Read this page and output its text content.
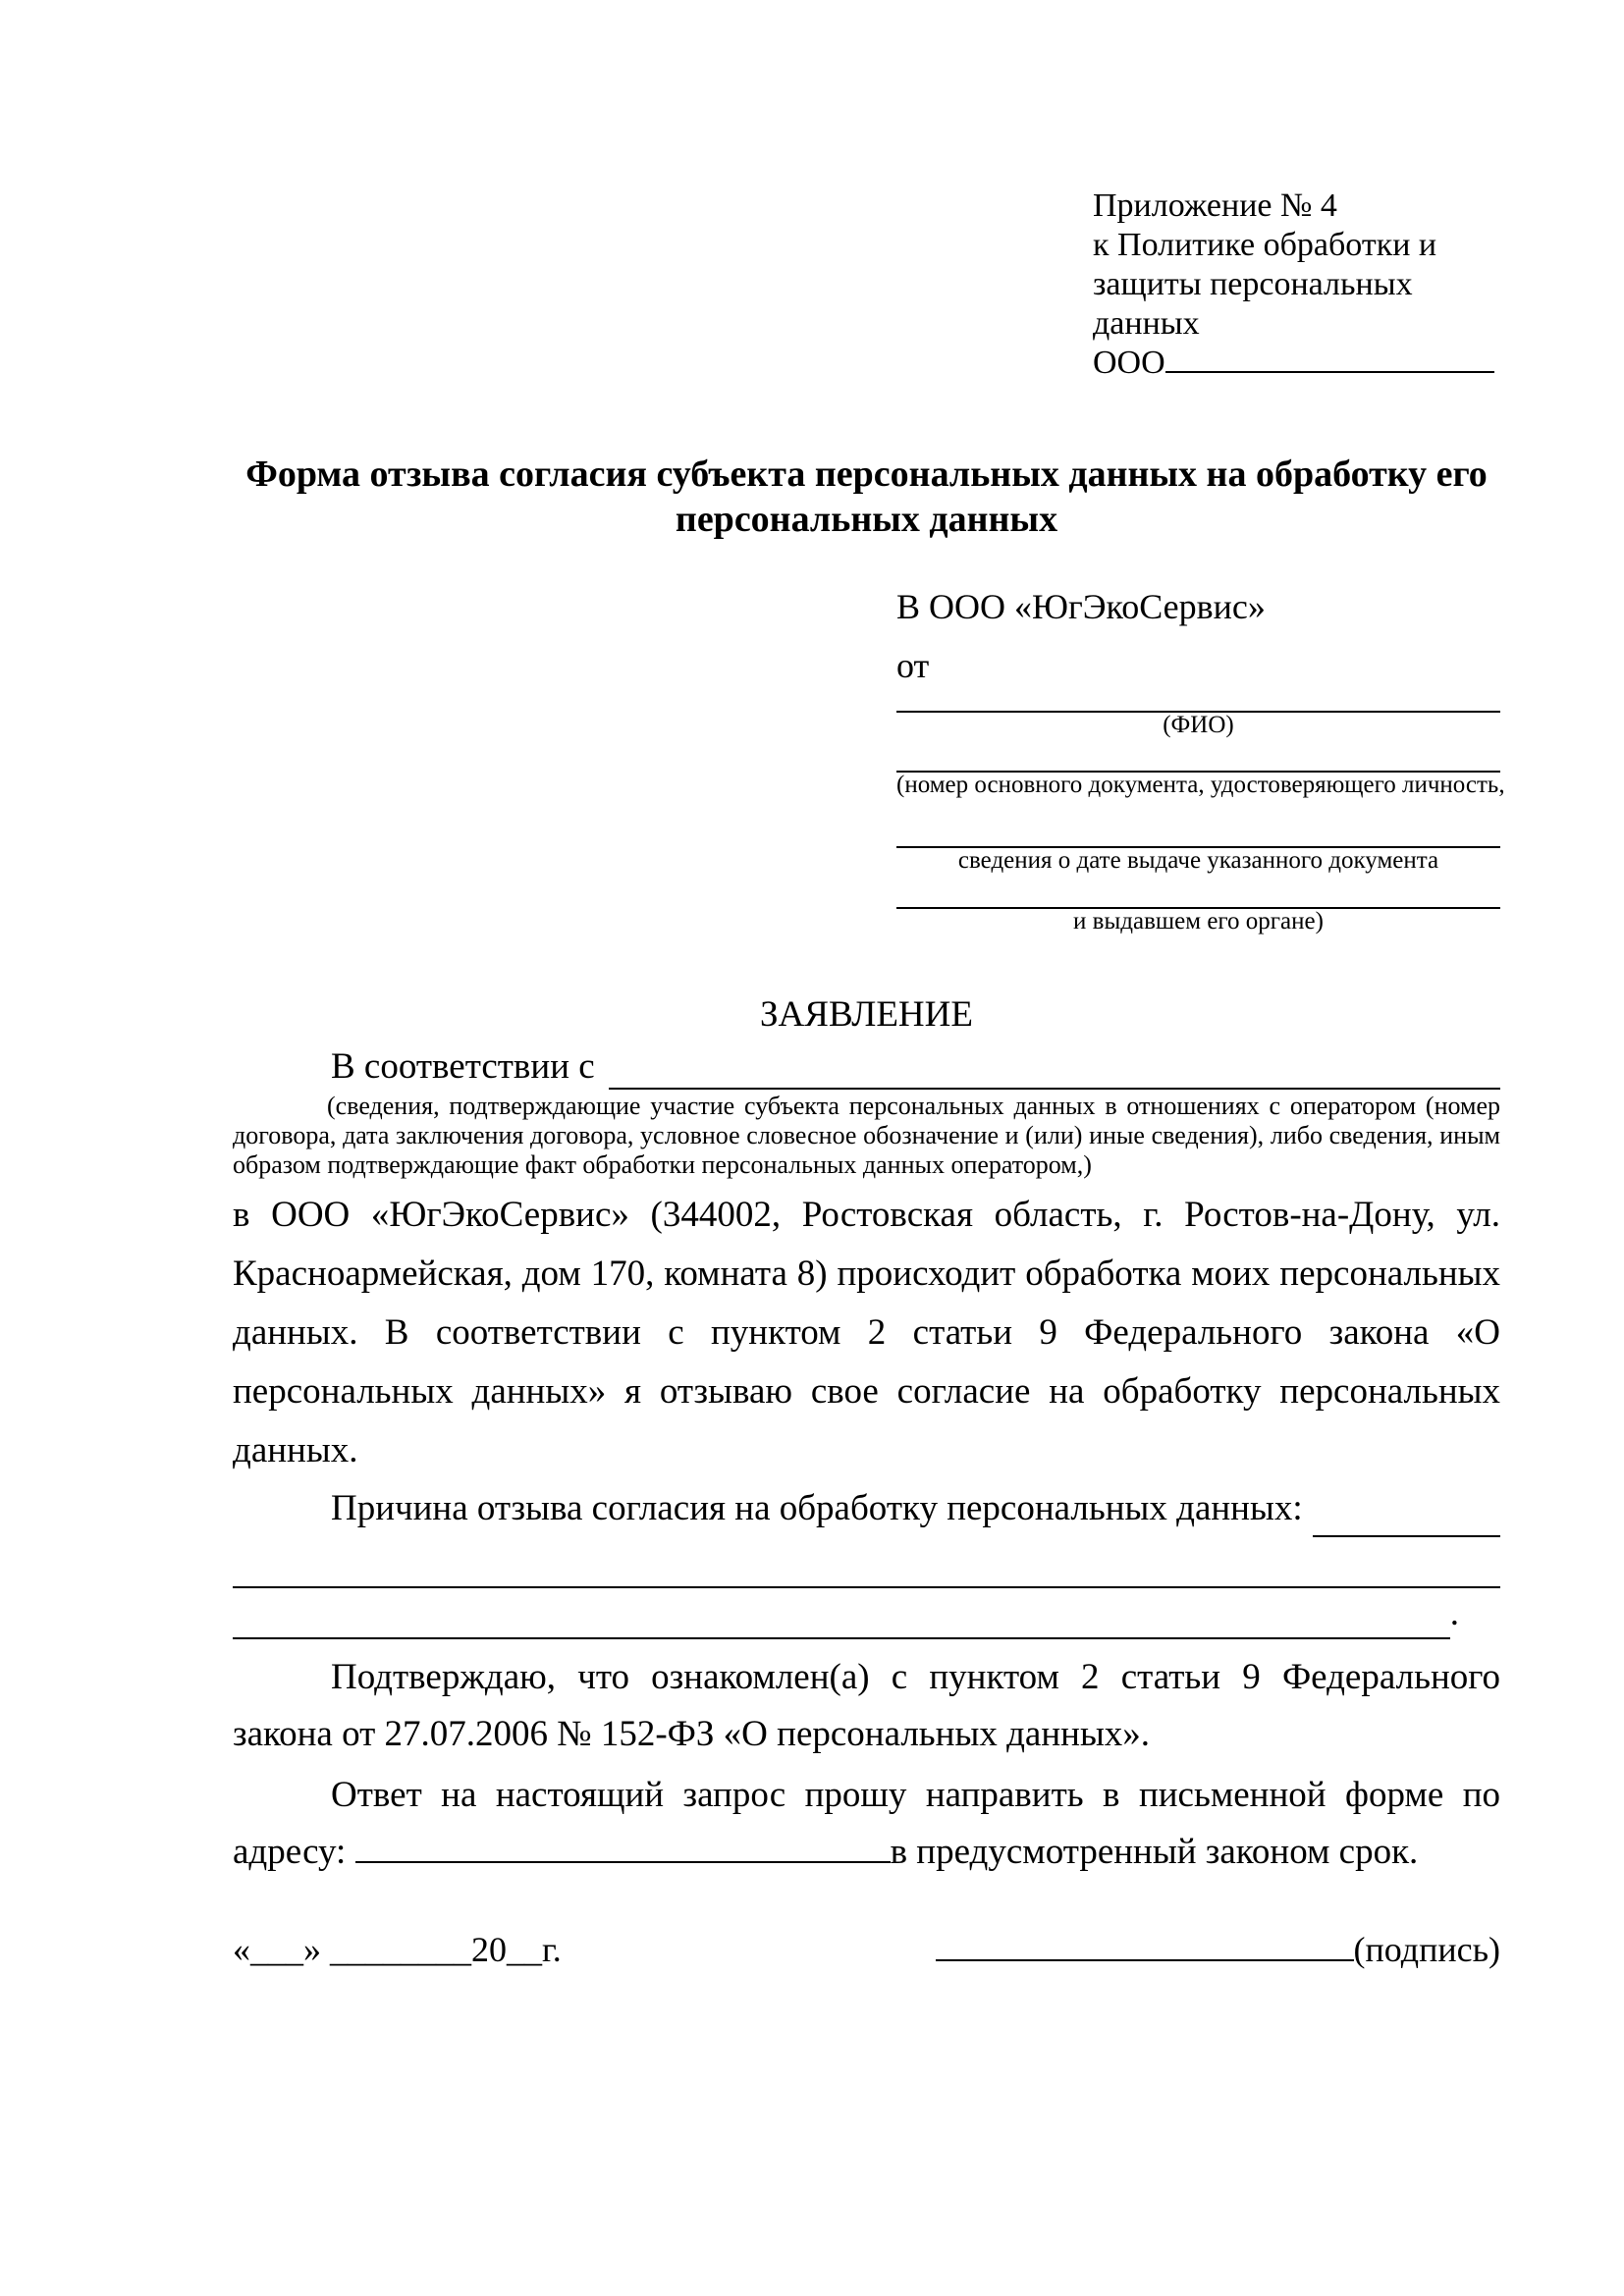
Приложение № 4
к Политике обработки и
защиты персональных данных
ООО
Форма отзыва согласия субъекта персональных данных на обработку его персональных данных
В ООО «ЮгЭкоСервис»
от
(ФИО)
(номер основного документа, удостоверяющего личность,
сведения о дате выдаче указанного документа
и выдавшем его органе)
ЗАЯВЛЕНИЕ
В соответствии с

(сведения, подтверждающие участие субъекта персональных данных в отношениях с оператором (номер договора, дата заключения договора, условное словесное обозначение и (или) иные сведения), либо сведения, иным образом подтверждающие факт обработки персональных данных оператором,)

в ООО «ЮгЭкоСервис» (344002, Ростовская область, г. Ростов-на-Дону, ул. Красноармейская, дом 170, комната 8) происходит обработка моих персональных данных. В соответствии с пунктом 2 статьи 9 Федерального закона «О персональных данных» я отзываю свое согласие на обработку персональных данных.

Причина отзыва согласия на обработку персональных данных:
.

Подтверждаю, что ознакомлен(а) с пунктом 2 статьи 9 Федерального закона от 27.07.2006 № 152-ФЗ «О персональных данных».

Ответ на настоящий запрос прошу направить в письменной форме по адресу:	в предусмотренный законом срок.

«___» ________20__г.	(подпись)
